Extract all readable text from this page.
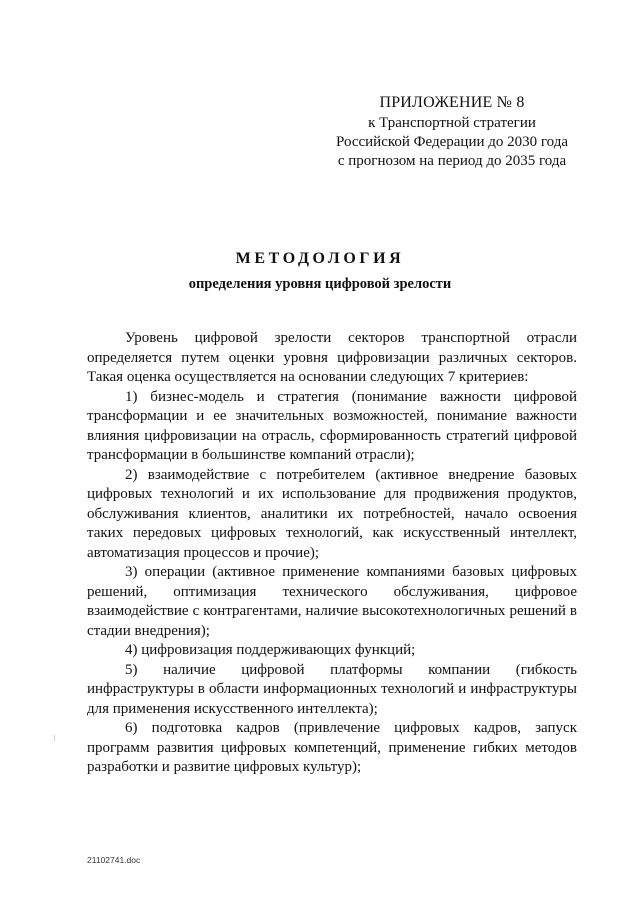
ПРИЛОЖЕНИЕ № 8
к Транспортной стратегии
Российской Федерации до 2030 года
с прогнозом на период до 2035 года
МЕТОДОЛОГИЯ
определения уровня цифровой зрелости

Уровень цифровой зрелости секторов транспортной отрасли определяется путем оценки уровня цифровизации различных секторов. Такая оценка осуществляется на основании следующих 7 критериев:

1) бизнес-модель и стратегия (понимание важности цифровой трансформации и ее значительных возможностей, понимание важности влияния цифровизации на отрасль, сформированность стратегий цифровой трансформации в большинстве компаний отрасли);

2) взаимодействие с потребителем (активное внедрение базовых цифровых технологий и их использование для продвижения продуктов, обслуживания клиентов, аналитики их потребностей, начало освоения таких передовых цифровых технологий, как искусственный интеллект, автоматизация процессов и прочие);

3) операции (активное применение компаниями базовых цифровых решений, оптимизация технического обслуживания, цифровое взаимодействие с контрагентами, наличие высокотехнологичных решений в стадии внедрения);

4) цифровизация поддерживающих функций;

5) наличие цифровой платформы компании (гибкость инфраструктуры в области информационных технологий и инфраструктуры для применения искусственного интеллекта);

6) подготовка кадров (привлечение цифровых кадров, запуск программ развития цифровых компетенций, применение гибких методов разработки и развитие цифровых культур);

21102741.doc
